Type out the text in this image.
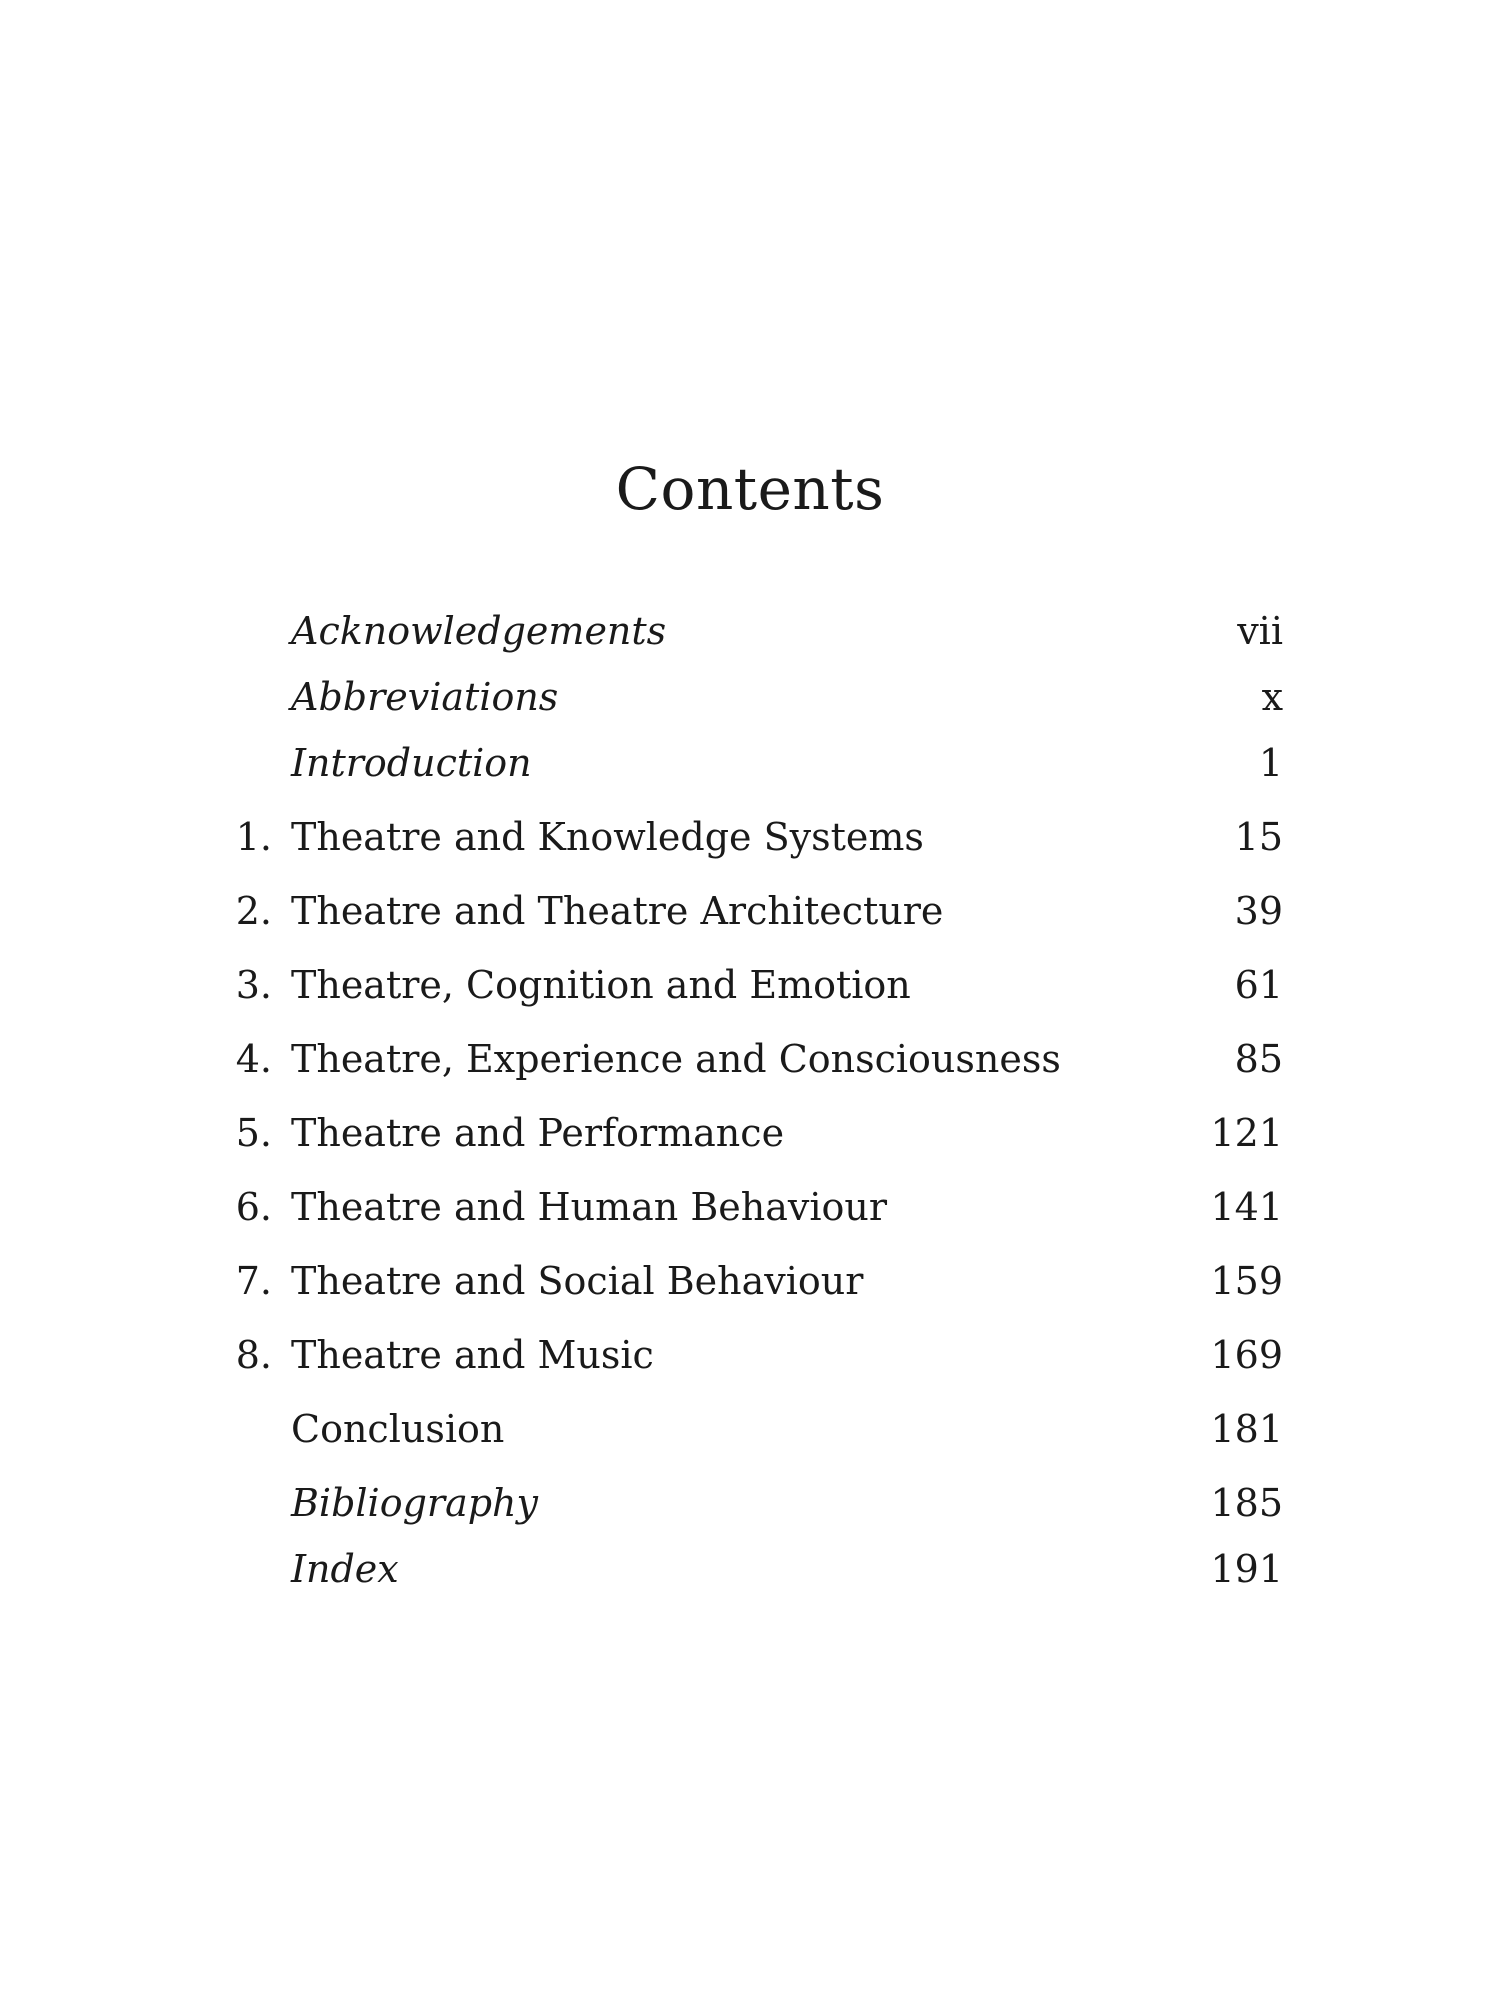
Contents
Acknowledgements	vii
Abbreviations	x
Introduction	1
1. Theatre and Knowledge Systems	15
2. Theatre and Theatre Architecture	39
3. Theatre, Cognition and Emotion	61
4. Theatre, Experience and Consciousness	85
5. Theatre and Performance	121
6. Theatre and Human Behaviour	141
7. Theatre and Social Behaviour	159
8. Theatre and Music	169
Conclusion	181
Bibliography	185
Index	191
